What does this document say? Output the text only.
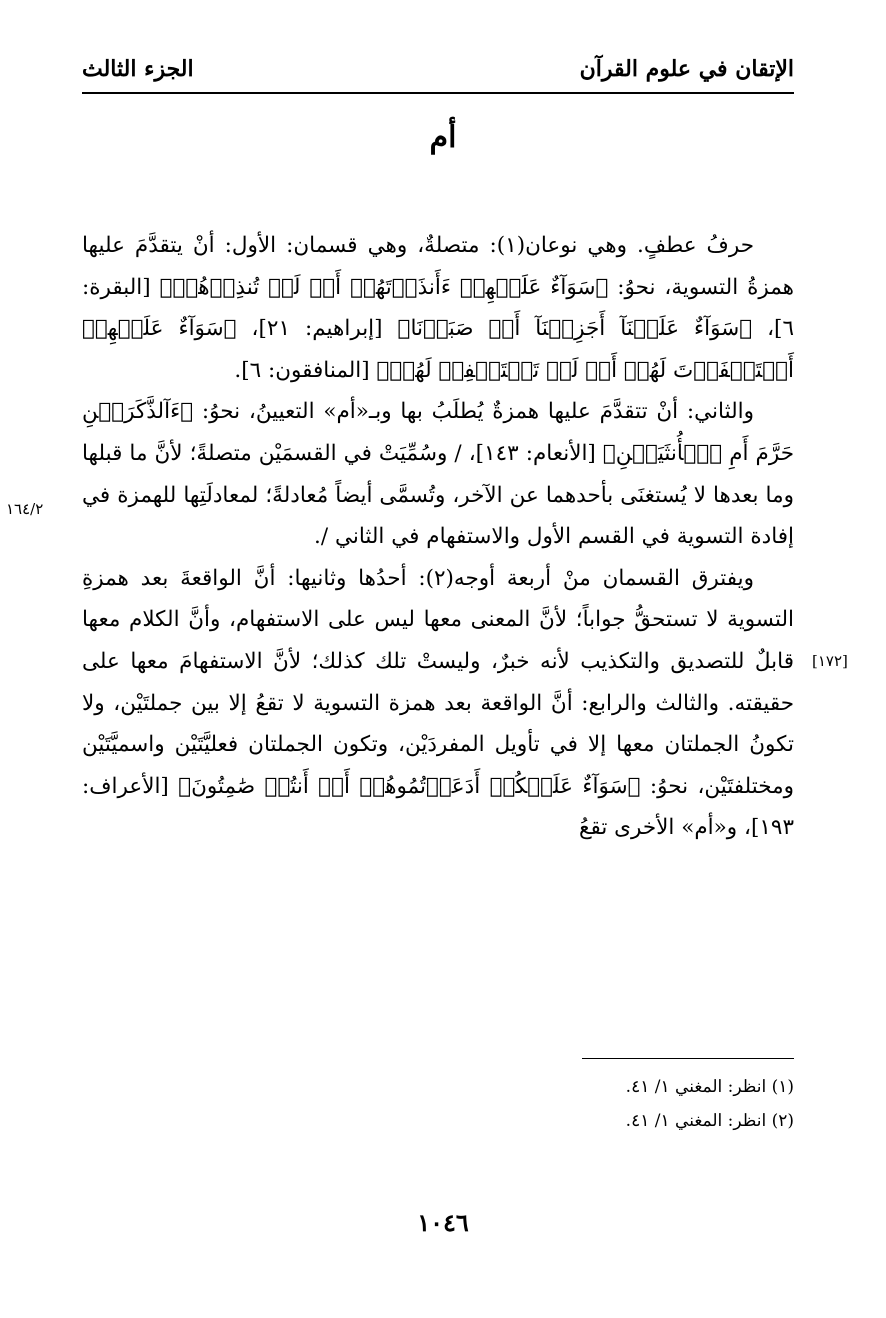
الإتقان في علوم القرآن
الجزء الثالث
أم

حرفُ عطفٍ. وهي نوعان(١): متصلةٌ، وهي قسمان: الأول: أنْ يتقدَّمَ عليها همزةُ التسوية، نحوُ: ﴿سَوَآءٌ عَلَيۡهِمۡ ءَأَنذَرۡتَهُمۡ أَمۡ لَمۡ تُنذِرۡهُمۡ﴾ [البقرة: ٦]، ﴿سَوَآءٌ عَلَيۡنَآ أَجَزِعۡنَآ أَمۡ صَبَرۡنَا﴾ [إبراهيم: ٢١]، ﴿سَوَآءٌ عَلَيۡهِمۡ أَسۡتَغۡفَرۡتَ لَهُمۡ أَمۡ لَمۡ تَسۡتَغۡفِرۡ لَهُمۡ﴾ [المنافقون: ٦].

والثاني: أنْ تتقدَّمَ عليها همزةٌ يُطلَبُ بها وبـ«أم» التعيينُ، نحوُ: ﴿ءَآلذَّكَرَيۡنِ حَرَّمَ أَمِ ٱلۡأُنثَيَيۡنِ﴾ [الأنعام: ١٤٣]، / وسُمِّيَتْ في القسمَيْن متصلةً؛ لأنَّ ما قبلها وما بعدها لا يُستغنَى بأحدهما عن الآخر، وتُسمَّى أيضاً مُعادلةً؛ لمعادلَتِها للهمزة في إفادة التسوية في القسم الأول والاستفهام في الثاني /.

ويفترق القسمان منْ أربعة أوجه(٢): أحدُها وثانيها: أنَّ الواقعةَ بعد همزةِ التسوية لا تستحقُّ جواباً؛ لأنَّ المعنى معها ليس على الاستفهام، وأنَّ الكلام معها قابلٌ للتصديق والتكذيب لأنه خبرٌ، وليستْ تلك كذلك؛ لأنَّ الاستفهامَ معها على حقيقته. والثالث والرابع: أنَّ الواقعة بعد همزة التسوية لا تقعُ إلا بين جملتَيْن، ولا تكونُ الجملتان معها إلا في تأويل المفردَيْن، وتكون الجملتان فعليَّتَيْن واسميَّتَيْن ومختلفتَيْن، نحوُ: ﴿سَوَآءٌ عَلَيۡكُمۡ أَدَعَوۡتُمُوهُمۡ أَمۡ أَنتُمۡ صَٰمِتُونَ﴾ [الأعراف: ١٩٣]، و«أم» الأخرى تقعُ

١٦٤/٢
[١٧٢]
(١) انظر: المغني ١/ ٤١.
(٢) انظر: المغني ١/ ٤١.
١٠٤٦
